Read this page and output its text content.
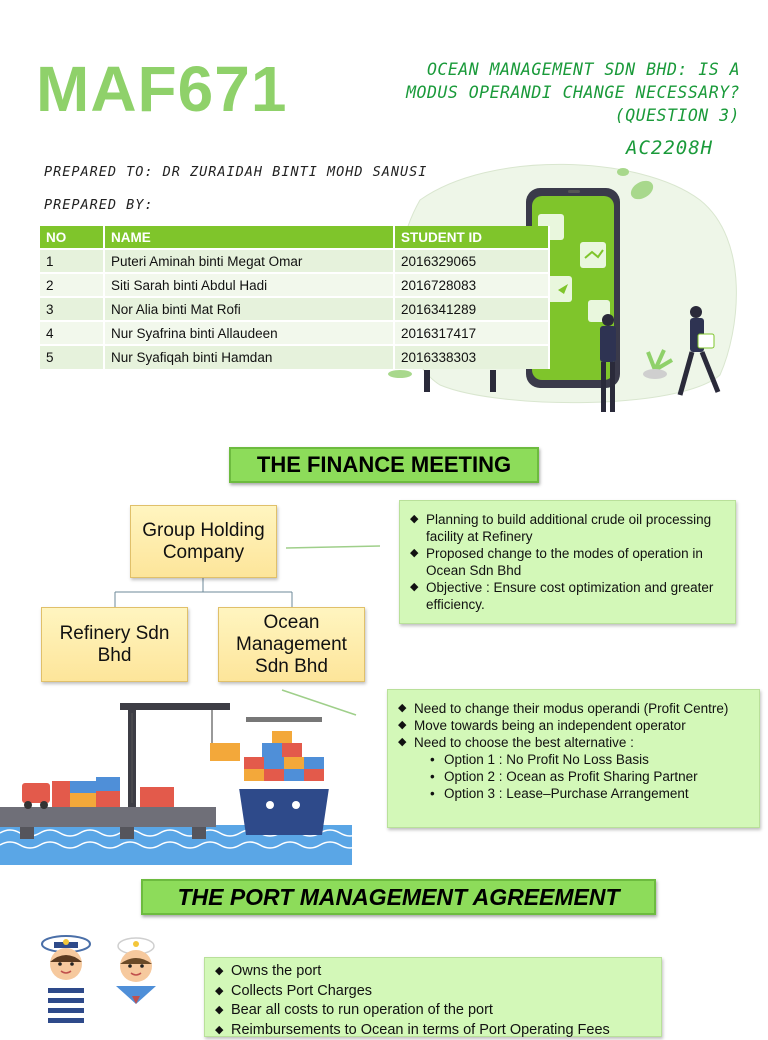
MAF671	OCEAN MANAGEMENT SDN BHD: IS A
MODUS OPERANDI CHANGE NECESSARY?
(QUESTION 3)
AC2208H
PREPARED TO: DR ZURAIDAH BINTI MOHD SANUSI
PREPARED BY:
NO	NAME	STUDENT ID
1	Puteri Aminah binti Megat Omar	2016329065
2	Siti Sarah binti Abdul Hadi	2016728083
3	Nor Alia binti Mat Rofi	2016341289
4	Nur Syafrina binti Allaudeen	2016317417
5	Nur Syafiqah binti Hamdan	2016338303
THE FINANCE MEETING
Group Holding
Company
Refinery Sdn
Bhd
Ocean
Management
Sdn Bhd
◆ Planning to build additional crude oil processing facility at Refinery
◆ Proposed change to the modes of operation in Ocean Sdn Bhd
◆ Objective : Ensure cost optimization and greater efficiency.
◆ Need to change their modus operandi (Profit Centre)
◆ Move towards being an independent operator
◆ Need to choose the best alternative :
• Option 1 : No Profit No Loss Basis
• Option 2 : Ocean as Profit Sharing Partner
• Option 3 : Lease–Purchase Arrangement
THE PORT MANAGEMENT AGREEMENT
◆ Owns the port
◆ Collects Port Charges
◆ Bear all costs to run operation of the port
◆ Reimbursements to Ocean in terms of Port Operating Fees
